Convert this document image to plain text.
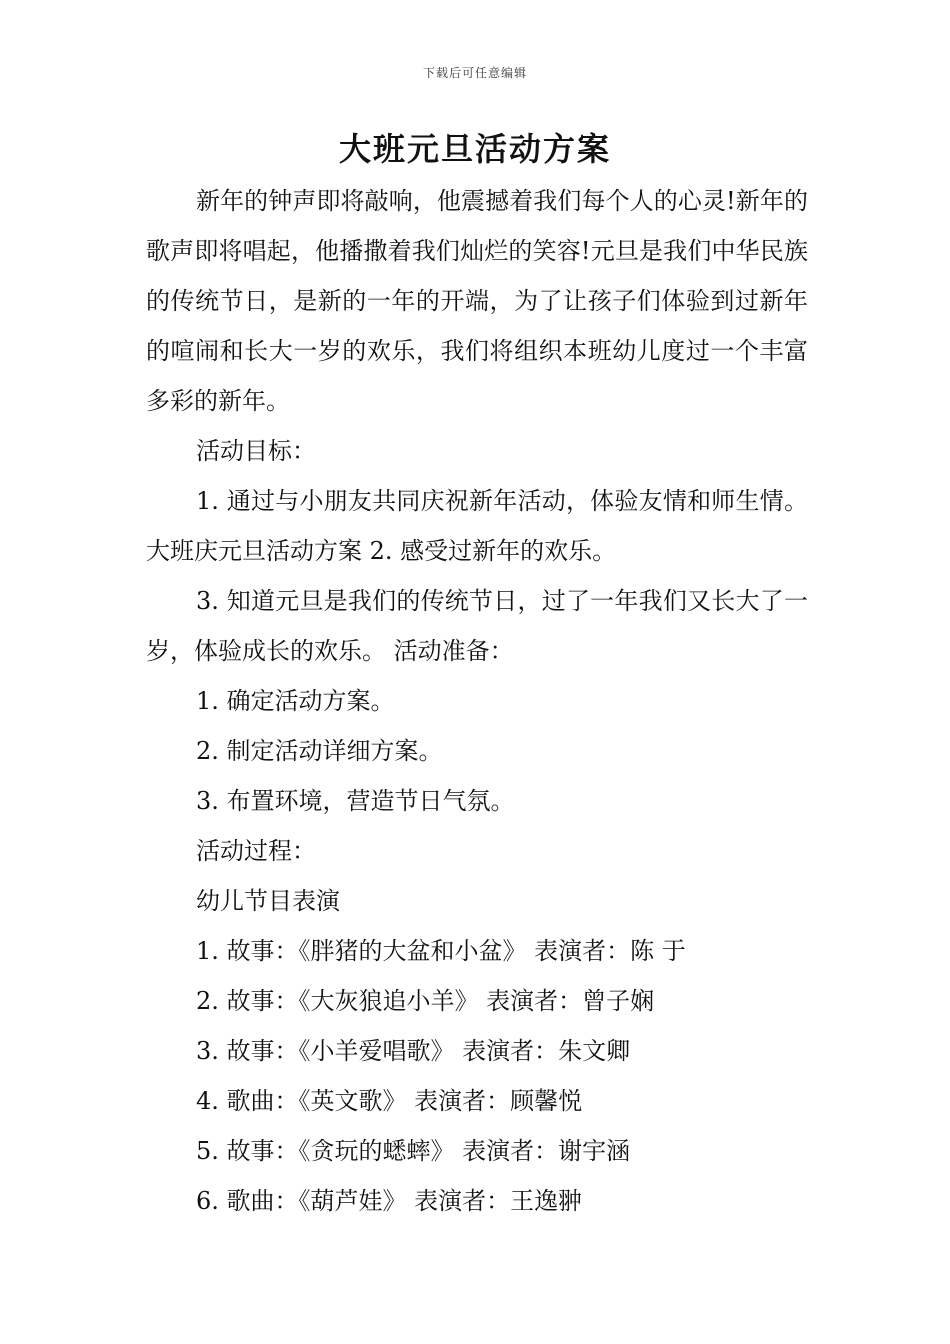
下载后可任意编辑
大班元旦活动方案

新年的钟声即将敲响，他震撼着我们每个人的心灵!新年的歌声即将唱起，他播撒着我们灿烂的笑容!元旦是我们中华民族的传统节日，是新的一年的开端，为了让孩子们体验到过新年的喧闹和长大一岁的欢乐，我们将组织本班幼儿度过一个丰富多彩的新年。

活动目标：

1. 通过与小朋友共同庆祝新年活动，体验友情和师生情。大班庆元旦活动方案 2. 感受过新年的欢乐。

3. 知道元旦是我们的传统节日，过了一年我们又长大了一岁，体验成长的欢乐。 活动准备：

1. 确定活动方案。

2. 制定活动详细方案。

3. 布置环境，营造节日气氛。

活动过程：

幼儿节目表演

1. 故事：《胖猪的大盆和小盆》 表演者：陈 于

2. 故事：《大灰狼追小羊》 表演者：曾子娴

3. 故事：《小羊爱唱歌》 表演者：朱文卿

4. 歌曲：《英文歌》 表演者：顾馨悦

5. 故事：《贪玩的蟋蟀》 表演者：谢宇涵

6. 歌曲：《葫芦娃》 表演者：王逸翀
